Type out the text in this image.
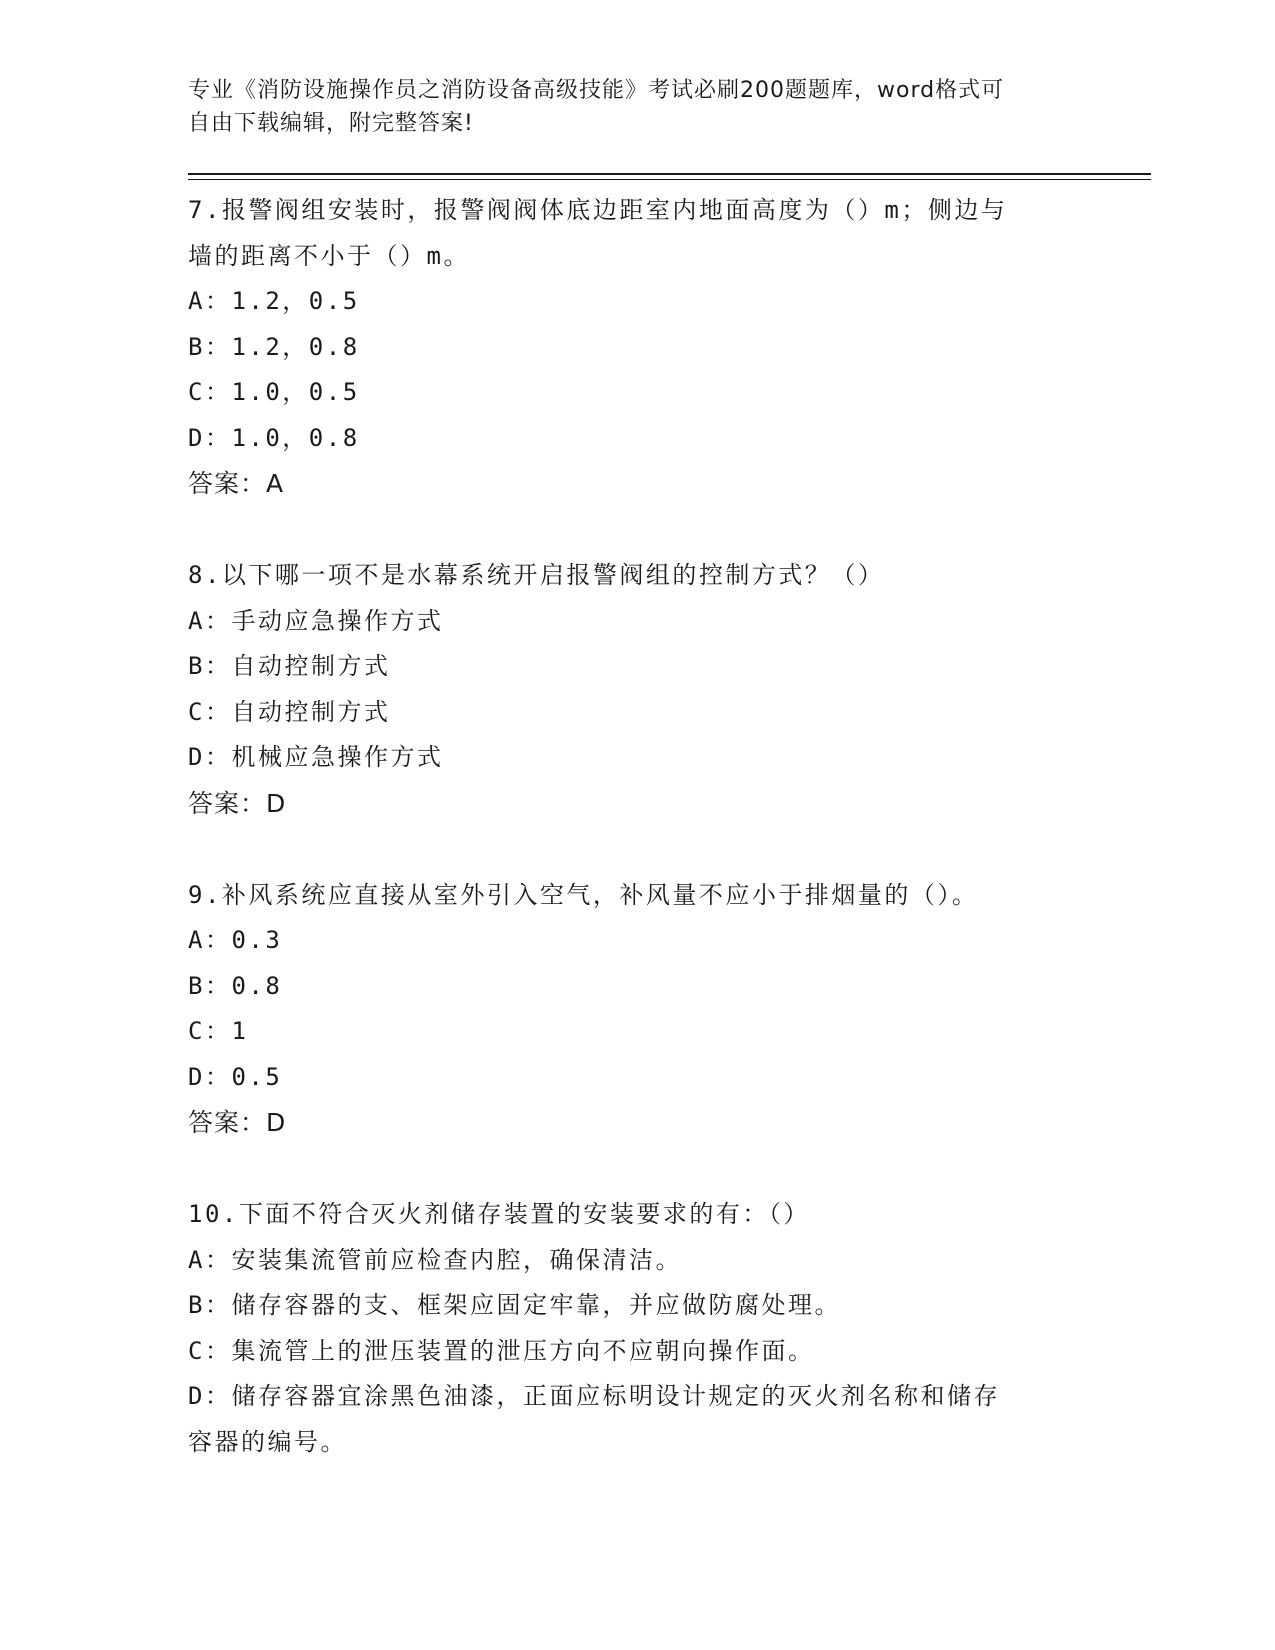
专业《消防设施操作员之消防设备高级技能》考试必刷200题题库，word格式可
自由下载编辑，附完整答案!
7.报警阀组安装时，报警阀阀体底边距室内地面高度为（）m；侧边与
墙的距离不小于（）m。
A：1.2，0.5
B：1.2，0.8
C：1.0，0.5
D：1.0，0.8
答案：A
8.以下哪一项不是水幕系统开启报警阀组的控制方式？（）
A：手动应急操作方式
B：自动控制方式
C：自动控制方式
D：机械应急操作方式
答案：D
9.补风系统应直接从室外引入空气，补风量不应小于排烟量的（）。
A：0.3
B：0.8
C：1
D：0.5
答案：D
10.下面不符合灭火剂储存装置的安装要求的有：（）
A：安装集流管前应检查内腔，确保清洁。
B：储存容器的支、框架应固定牢靠，并应做防腐处理。
C：集流管上的泄压装置的泄压方向不应朝向操作面。
D：储存容器宜涂黑色油漆，正面应标明设计规定的灭火剂名称和储存
容器的编号。
